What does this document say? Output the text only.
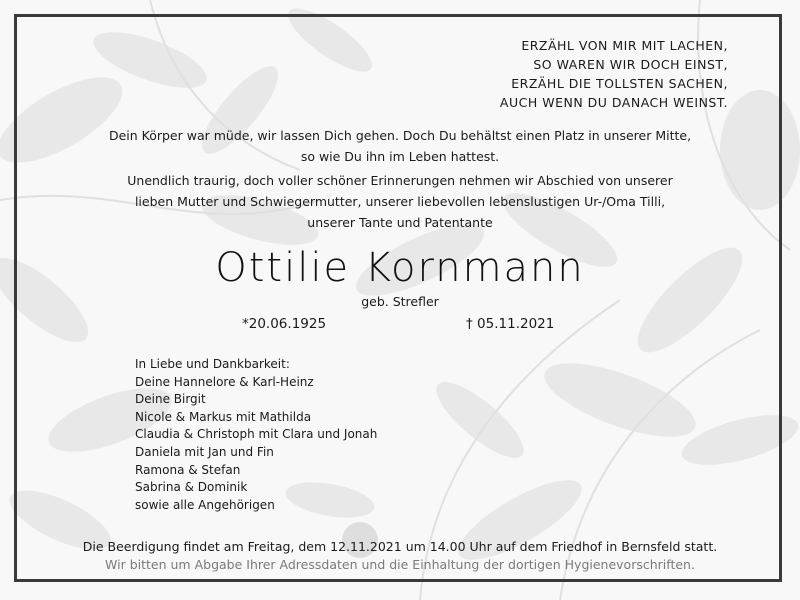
ERZÄHL VON MIR MIT LACHEN,
SO WAREN WIR DOCH EINST,
ERZÄHL DIE TOLLSTEN SACHEN,
AUCH WENN DU DANACH WEINST.
Dein Körper war müde, wir lassen Dich gehen. Doch Du behältst einen Platz in unserer Mitte,
so wie Du ihn im Leben hattest.
Unendlich traurig, doch voller schöner Erinnerungen nehmen wir Abschied von unserer
lieben Mutter und Schwiegermutter, unserer liebevollen lebenslustigen Ur-/Oma Tilli,
unserer Tante und Patentante
Ottilie Kornmann
geb. Strefler
*20.06.1925	† 05.11.2021
In Liebe und Dankbarkeit:
Deine Hannelore & Karl-Heinz
Deine Birgit
Nicole & Markus mit Mathilda
Claudia & Christoph mit Clara und Jonah
Daniela mit Jan und Fin
Ramona & Stefan
Sabrina & Dominik
sowie alle Angehörigen
Die Beerdigung findet am Freitag, dem 12.11.2021 um 14.00 Uhr auf dem Friedhof in Bernsfeld statt.
Wir bitten um Abgabe Ihrer Adressdaten und die Einhaltung der dortigen Hygienevorschriften.
